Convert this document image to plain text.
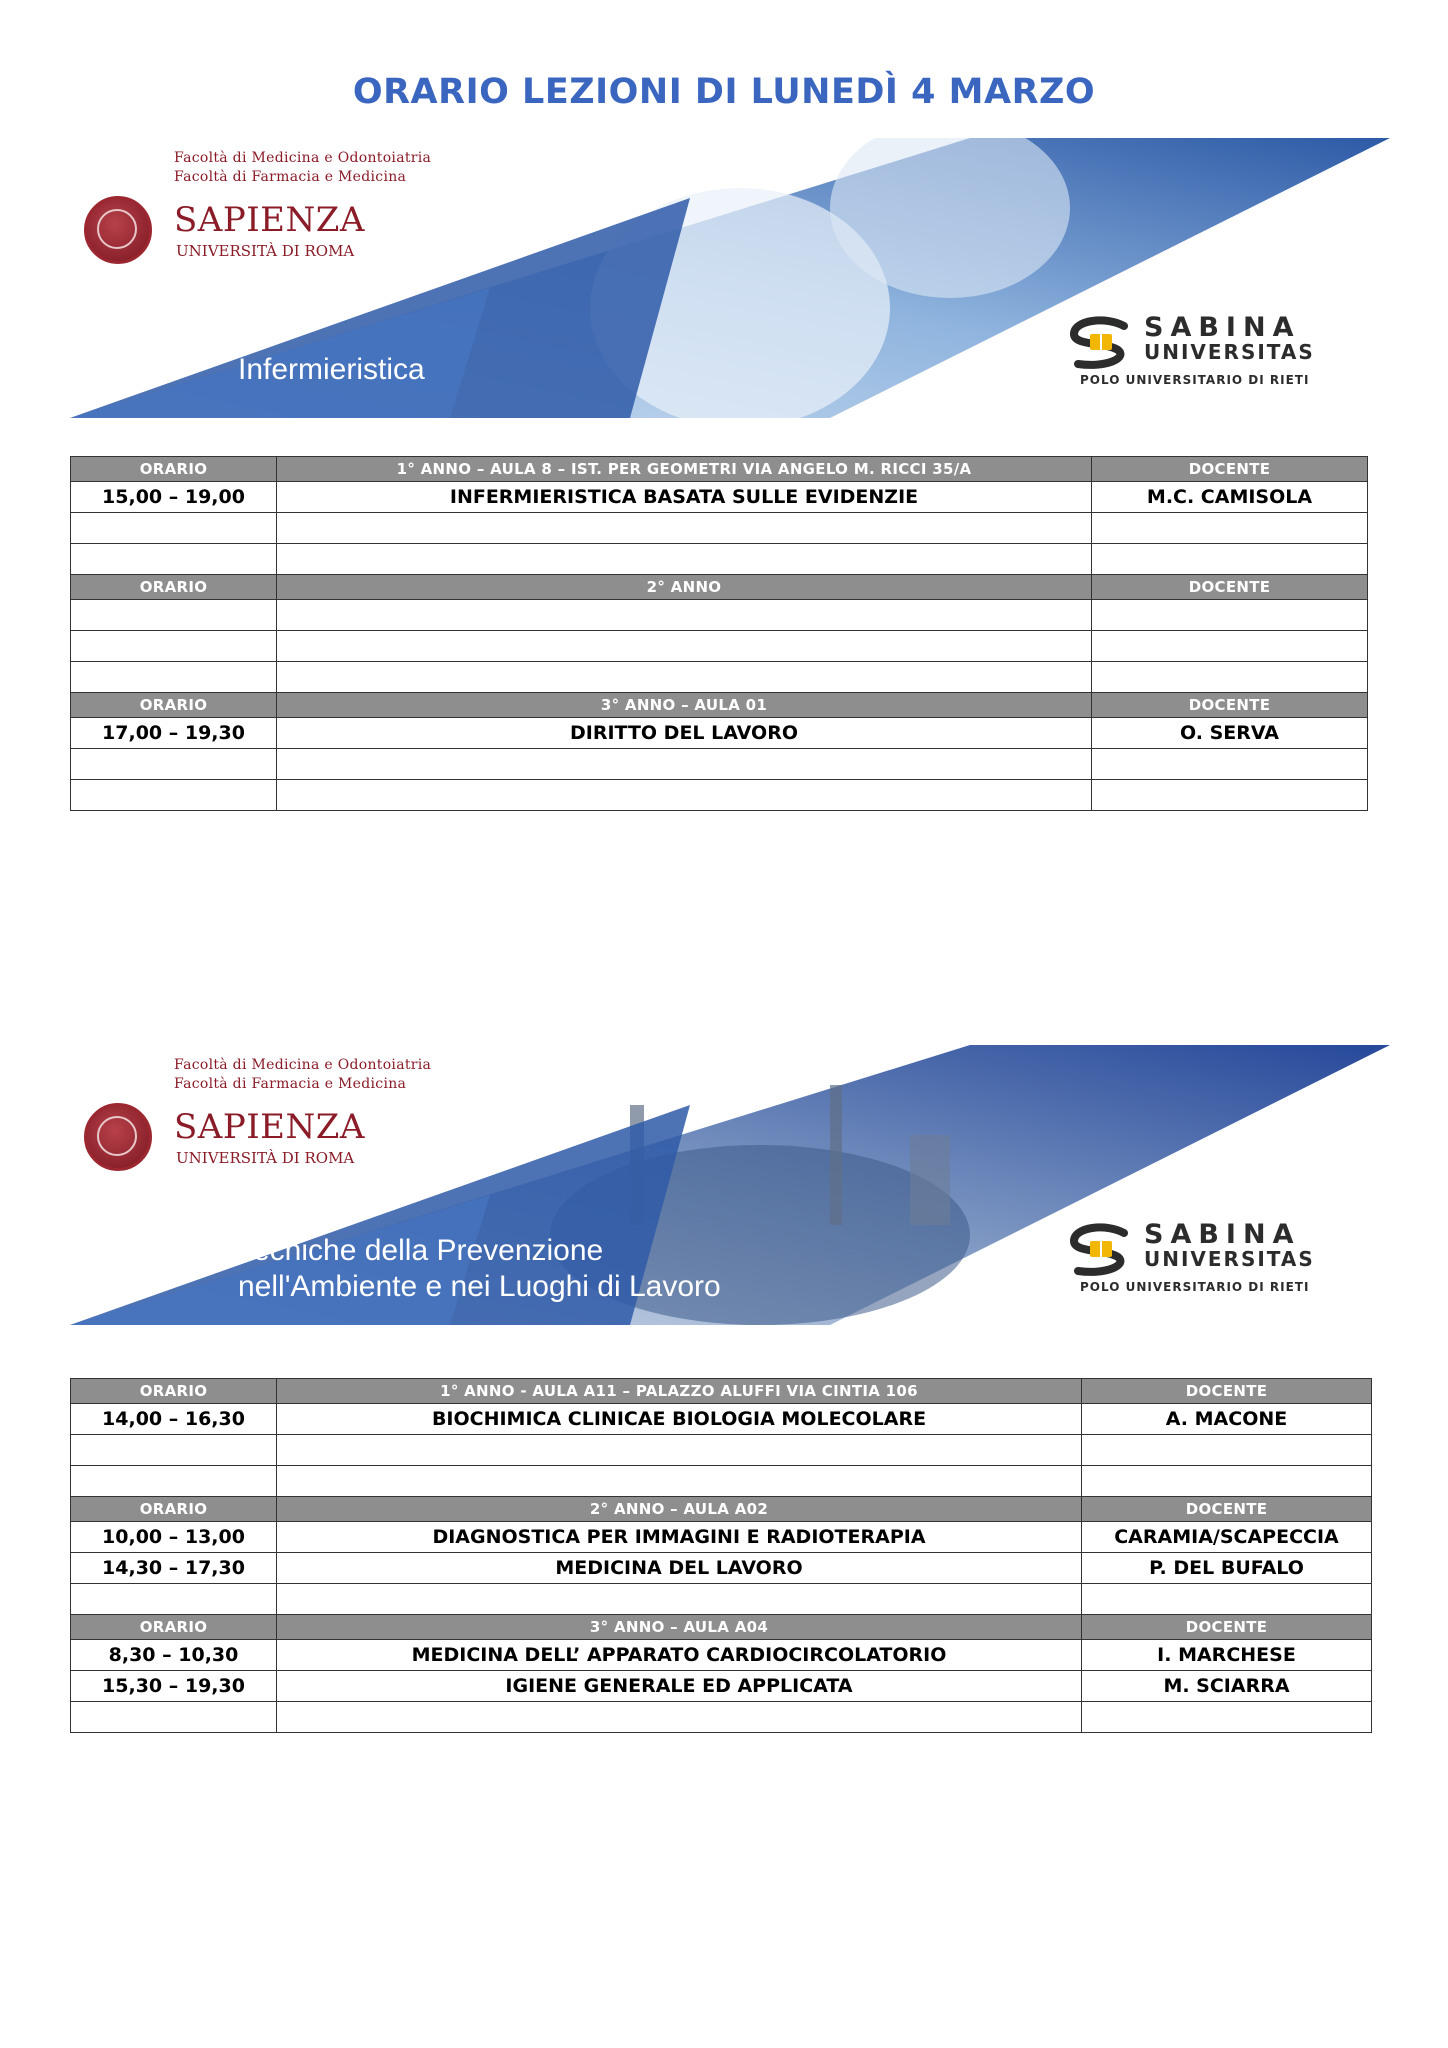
ORARIO LEZIONI DI LUNEDÌ 4 MARZO
Facoltà di Medicina e Odontoiatria
Facoltà di Farmacia e Medicina
SAPIENZA
UNIVERSITÀ DI ROMA
Infermieristica
SABINA
UNIVERSITAS
POLO UNIVERSITARIO DI RIETI
ORARIO	1° ANNO – AULA 8 – IST. PER GEOMETRI VIA ANGELO M. RICCI 35/A	DOCENTE
15,00 – 19,00	INFERMIERISTICA BASATA SULLE EVIDENZIE	M.C. CAMISOLA

ORARIO	2° ANNO	DOCENTE

ORARIO	3° ANNO – AULA 01	DOCENTE
17,00 – 19,30	DIRITTO DEL LAVORO	O. SERVA

Facoltà di Medicina e Odontoiatria
Facoltà di Farmacia e Medicina
SAPIENZA
UNIVERSITÀ DI ROMA
Tecniche della Prevenzione
nell'Ambiente e nei Luoghi di Lavoro
SABINA
UNIVERSITAS
POLO UNIVERSITARIO DI RIETI
ORARIO	1° ANNO - AULA A11 – PALAZZO ALUFFI VIA CINTIA 106	DOCENTE
14,00 – 16,30	BIOCHIMICA CLINICAE BIOLOGIA MOLECOLARE	A. MACONE

ORARIO	2° ANNO – AULA A02	DOCENTE
10,00 – 13,00	DIAGNOSTICA PER IMMAGINI E RADIOTERAPIA	CARAMIA/SCAPECCIA
14,30 – 17,30	MEDICINA DEL LAVORO	P. DEL BUFALO

ORARIO	3° ANNO – AULA A04	DOCENTE
8,30 – 10,30	MEDICINA DELL’ APPARATO CARDIOCIRCOLATORIO	I. MARCHESE
15,30 – 19,30	IGIENE GENERALE ED APPLICATA	M. SCIARRA
